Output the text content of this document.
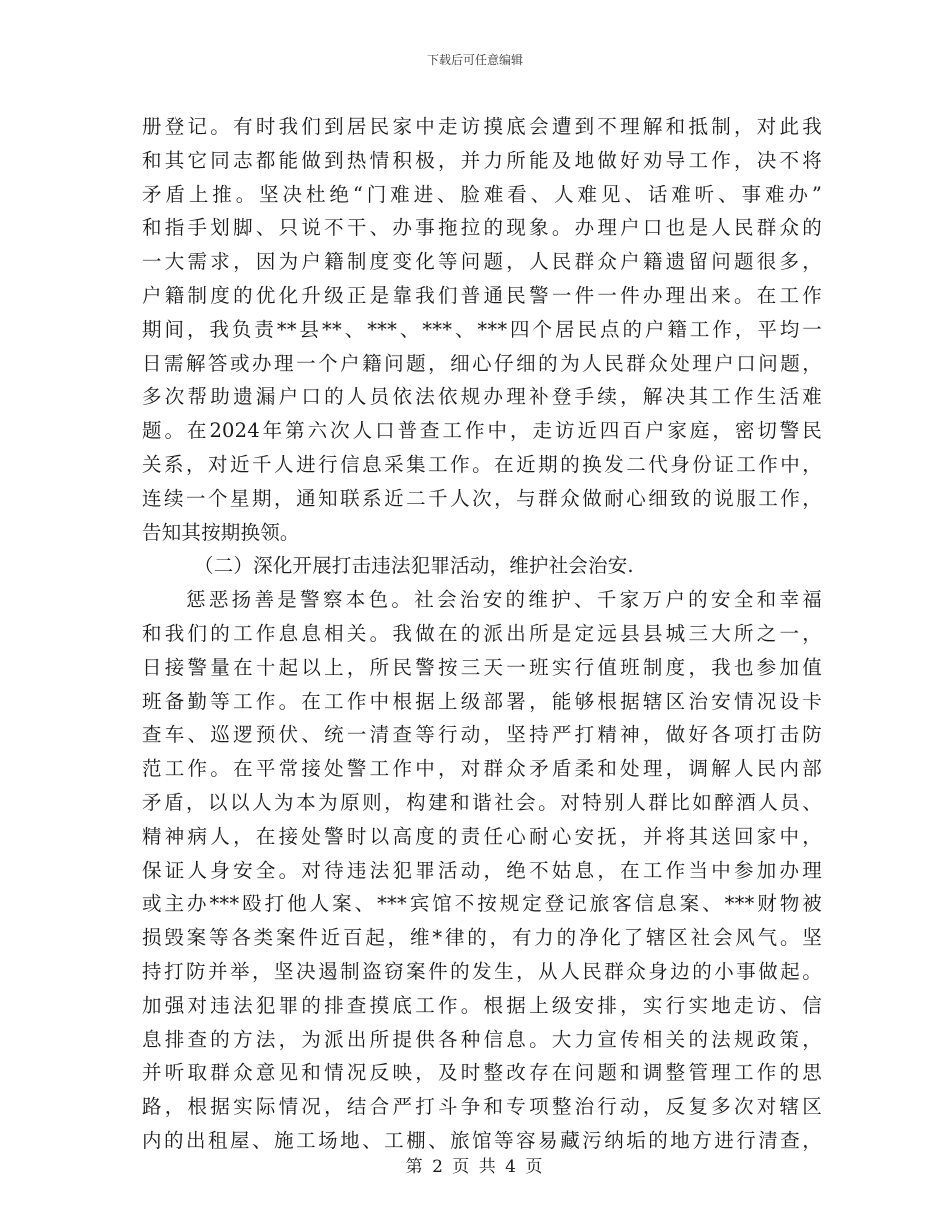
下载后可任意编辑
册登记。有时我们到居民家中走访摸底会遭到不理解和抵制，对此我
和其它同志都能做到热情积极，并力所能及地做好劝导工作，决不将
矛盾上推。坚决杜绝“门难进、脸难看、人难见、话难听、事难办”
和指手划脚、只说不干、办事拖拉的现象。办理户口也是人民群众的
一大需求，因为户籍制度变化等问题，人民群众户籍遗留问题很多，
户籍制度的优化升级正是靠我们普通民警一件一件办理出来。在工作
期间，我负责**县**、***、***、***四个居民点的户籍工作，平均一
日需解答或办理一个户籍问题，细心仔细的为人民群众处理户口问题，
多次帮助遗漏户口的人员依法依规办理补登手续，解决其工作生活难
题。在2024年第六次人口普查工作中，走访近四百户家庭，密切警民
关系，对近千人进行信息采集工作。在近期的换发二代身份证工作中，
连续一个星期，通知联系近二千人次，与群众做耐心细致的说服工作，
告知其按期换领。
（二）深化开展打击违法犯罪活动，维护社会治安.
惩恶扬善是警察本色。社会治安的维护、千家万户的安全和幸福
和我们的工作息息相关。我做在的派出所是定远县县城三大所之一，
日接警量在十起以上，所民警按三天一班实行值班制度，我也参加值
班备勤等工作。在工作中根据上级部署，能够根据辖区治安情况设卡
查车、巡逻预伏、统一清查等行动，坚持严打精神，做好各项打击防
范工作。在平常接处警工作中，对群众矛盾柔和处理，调解人民内部
矛盾，以以人为本为原则，构建和谐社会。对特别人群比如醉酒人员、
精神病人，在接处警时以高度的责任心耐心安抚，并将其送回家中，
保证人身安全。对待违法犯罪活动，绝不姑息，在工作当中参加办理
或主办***殴打他人案、***宾馆不按规定登记旅客信息案、***财物被
损毁案等各类案件近百起，维*律的，有力的净化了辖区社会风气。坚
持打防并举，坚决遏制盗窃案件的发生，从人民群众身边的小事做起。
加强对违法犯罪的排查摸底工作。根据上级安排，实行实地走访、信
息排查的方法，为派出所提供各种信息。大力宣传相关的法规政策，
并听取群众意见和情况反映，及时整改存在问题和调整管理工作的思
路，根据实际情况，结合严打斗争和专项整治行动，反复多次对辖区
内的出租屋、施工场地、工棚、旅馆等容易藏污纳垢的地方进行清查，
第 2 页 共 4 页
